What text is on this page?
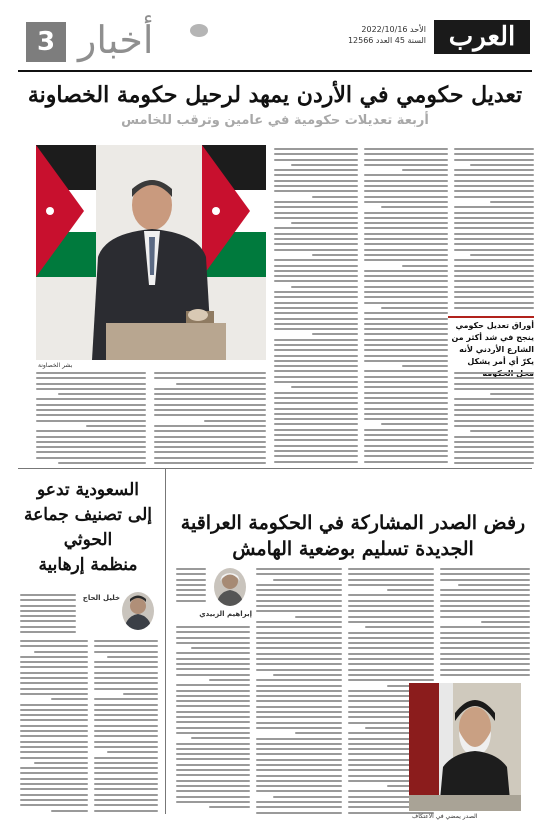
العرب
الأحد 2022/10/16
السنة 45 العدد 12566
3 أخبار
تعديل حكومي في الأردن يمهد لرحيل حكومة الخصاونة
أربعة تعديلات حكومية في عامين وترقب للخامس
بشر الخصاونة
أوراق تعديل حكومي ينجح في شد أكثر من الشارع الأردني لأنه يكرّ أي أمر يشكل
رفض الصدر المشاركة في الحكومة العراقية
الجديدة تسليم بوضعية الهامش
إبراهيم الزبيدي
الصدر يمضي في الاعتكاف
السعودية تدعو
إلى تصنيف جماعة الحوثي
منظمة إرهابية
خليل الحاج
